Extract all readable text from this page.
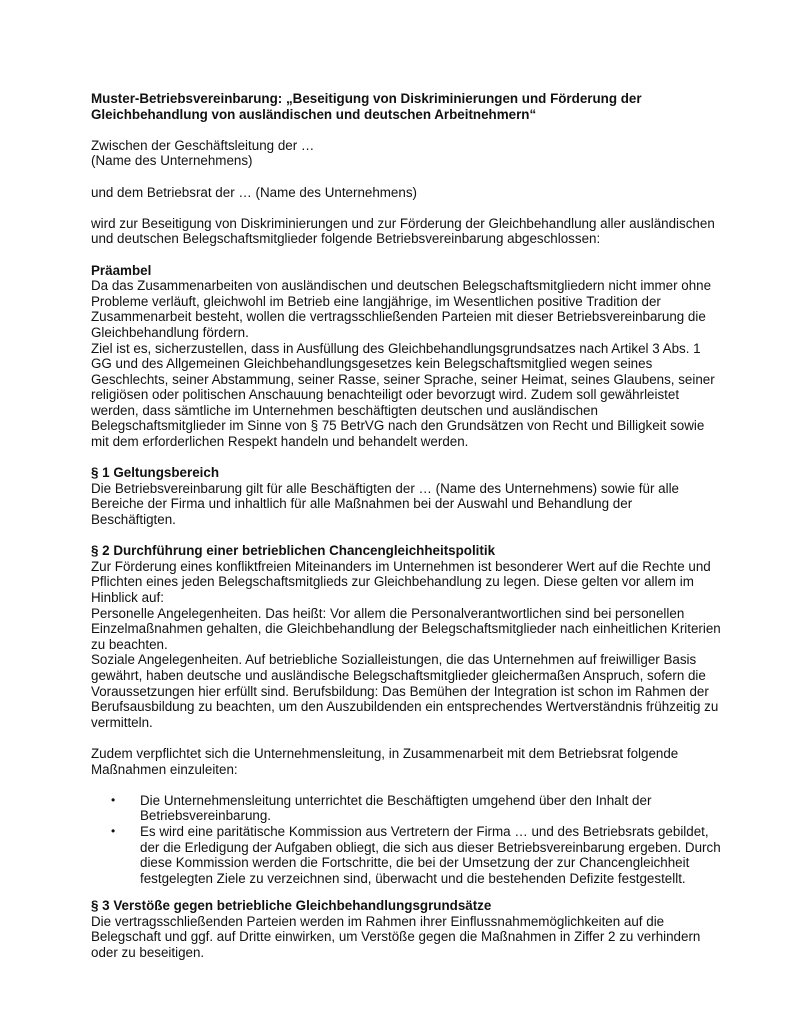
Muster-Betriebsvereinbarung: „Beseitigung von Diskriminierungen und Förderung der
Gleichbehandlung von ausländischen und deutschen Arbeitnehmern“
Zwischen der Geschäftsleitung der …
(Name des Unternehmens)
und dem Betriebsrat der … (Name des Unternehmens)
wird zur Beseitigung von Diskriminierungen und zur Förderung der Gleichbehandlung aller ausländischen
und deutschen Belegschaftsmitglieder folgende Betriebsvereinbarung abgeschlossen:
Präambel
Da das Zusammenarbeiten von ausländischen und deutschen Belegschaftsmitgliedern nicht immer ohne
Probleme verläuft, gleichwohl im Betrieb eine langjährige, im Wesentlichen positive Tradition der
Zusammenarbeit besteht, wollen die vertragsschließenden Parteien mit dieser Betriebsvereinbarung die
Gleichbehandlung fördern.
Ziel ist es, sicherzustellen, dass in Ausfüllung des Gleichbehandlungsgrundsatzes nach Artikel 3 Abs. 1
GG und des Allgemeinen Gleichbehandlungsgesetzes kein Belegschaftsmitglied wegen seines
Geschlechts, seiner Abstammung, seiner Rasse, seiner Sprache, seiner Heimat, seines Glaubens, seiner
religiösen oder politischen Anschauung benachteiligt oder bevorzugt wird. Zudem soll gewährleistet
werden, dass sämtliche im Unternehmen beschäftigten deutschen und ausländischen
Belegschaftsmitglieder im Sinne von § 75 BetrVG nach den Grundsätzen von Recht und Billigkeit sowie
mit dem erforderlichen Respekt handeln und behandelt werden.
§ 1 Geltungsbereich
Die Betriebsvereinbarung gilt für alle Beschäftigten der … (Name des Unternehmens) sowie für alle
Bereiche der Firma und inhaltlich für alle Maßnahmen bei der Auswahl und Behandlung der
Beschäftigten.
§ 2 Durchführung einer betrieblichen Chancengleichheitspolitik
Zur Förderung eines konfliktfreien Miteinanders im Unternehmen ist besonderer Wert auf die Rechte und
Pflichten eines jeden Belegschaftsmitglieds zur Gleichbehandlung zu legen. Diese gelten vor allem im
Hinblick auf:
Personelle Angelegenheiten. Das heißt: Vor allem die Personalverantwortlichen sind bei personellen
Einzelmaßnahmen gehalten, die Gleichbehandlung der Belegschaftsmitglieder nach einheitlichen Kriterien
zu beachten.
Soziale Angelegenheiten. Auf betriebliche Sozialleistungen, die das Unternehmen auf freiwilliger Basis
gewährt, haben deutsche und ausländische Belegschaftsmitglieder gleichermaßen Anspruch, sofern die
Voraussetzungen hier erfüllt sind. Berufsbildung: Das Bemühen der Integration ist schon im Rahmen der
Berufsausbildung zu beachten, um den Auszubildenden ein entsprechendes Wertverständnis frühzeitig zu
vermitteln.
Zudem verpflichtet sich die Unternehmensleitung, in Zusammenarbeit mit dem Betriebsrat folgende
Maßnahmen einzuleiten:
• Die Unternehmensleitung unterrichtet die Beschäftigten umgehend über den Inhalt der
Betriebsvereinbarung.
• Es wird eine paritätische Kommission aus Vertretern der Firma … und des Betriebsrats gebildet,
der die Erledigung der Aufgaben obliegt, die sich aus dieser Betriebsvereinbarung ergeben. Durch
diese Kommission werden die Fortschritte, die bei der Umsetzung der zur Chancengleichheit
festgelegten Ziele zu verzeichnen sind, überwacht und die bestehenden Defizite festgestellt.
§ 3 Verstöße gegen betriebliche Gleichbehandlungsgrundsätze
Die vertragsschließenden Parteien werden im Rahmen ihrer Einflussnahmemöglichkeiten auf die
Belegschaft und ggf. auf Dritte einwirken, um Verstöße gegen die Maßnahmen in Ziffer 2 zu verhindern
oder zu beseitigen.
